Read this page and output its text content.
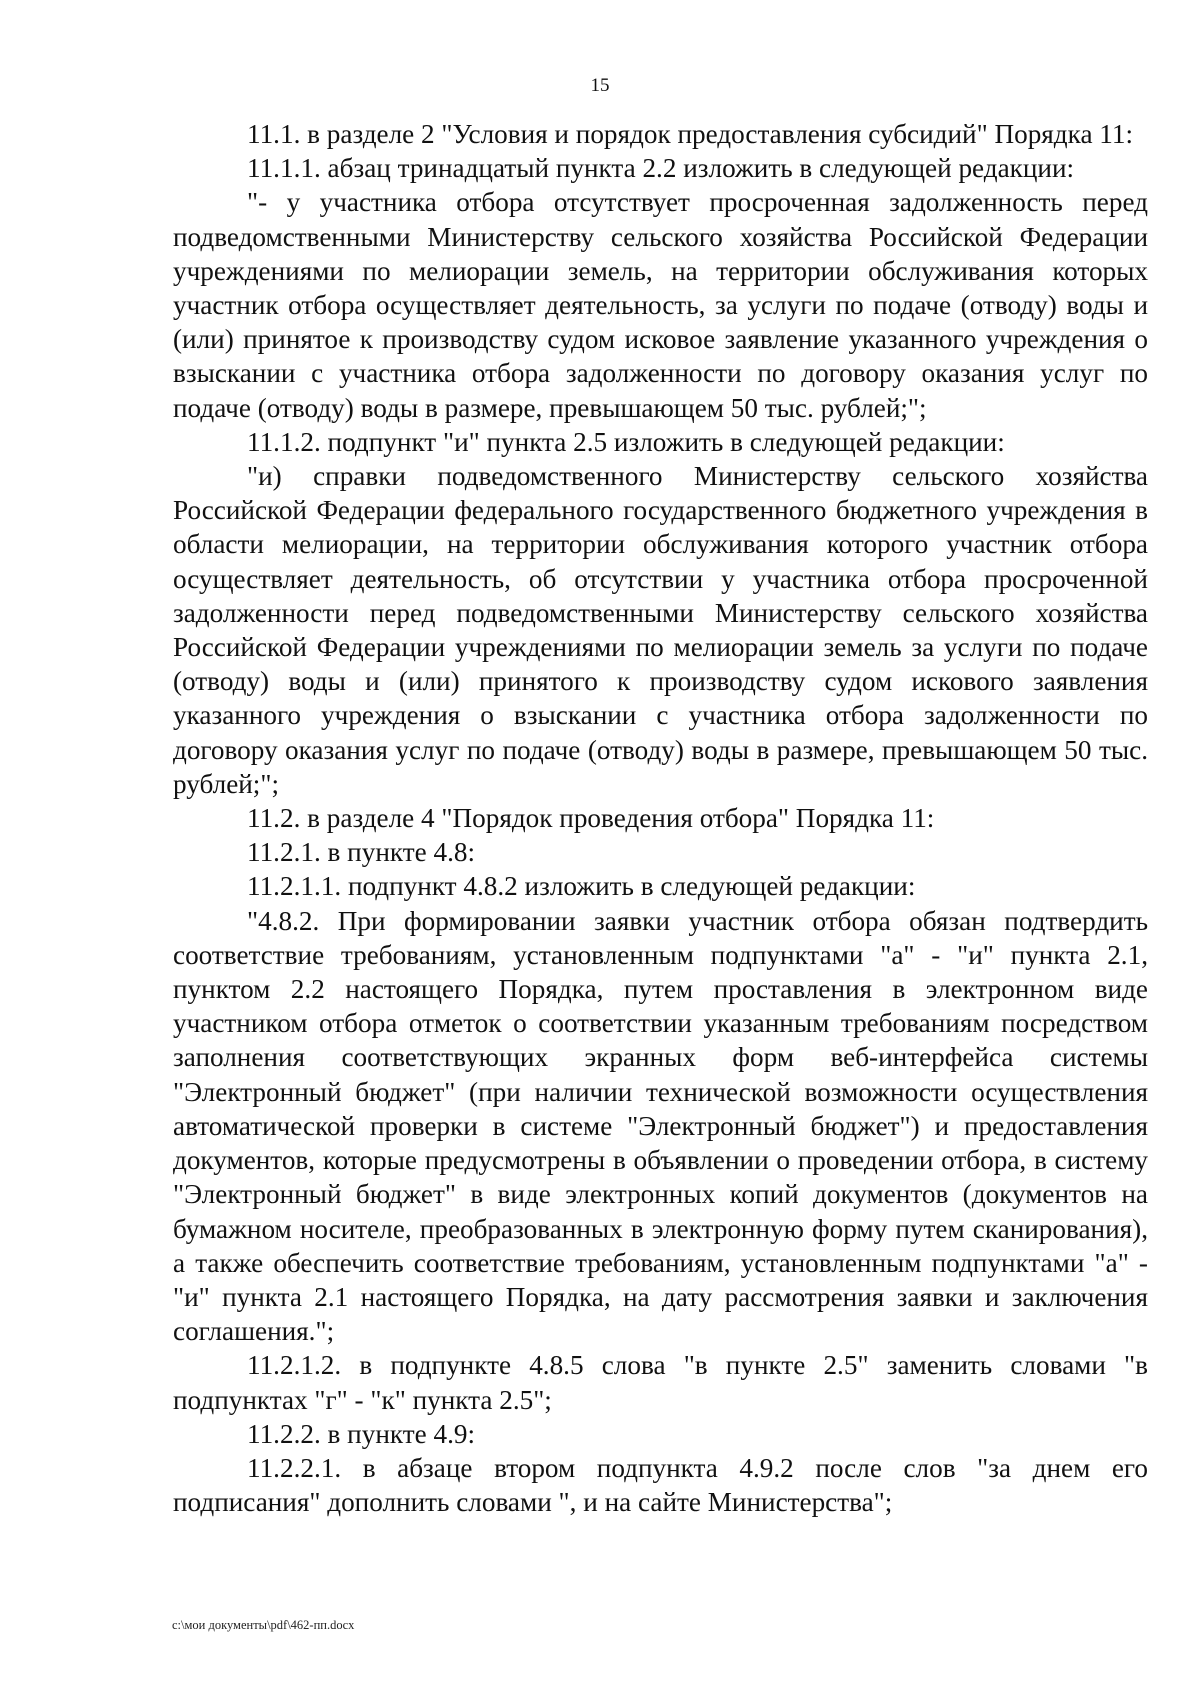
15

11.1. в разделе 2 "Условия и порядок предоставления субсидий" Порядка 11:

11.1.1. абзац тринадцатый пункта 2.2 изложить в следующей редакции:

"- у участника отбора отсутствует просроченная задолженность перед подведомственными Министерству сельского хозяйства Российской Федерации учреждениями по мелиорации земель, на территории обслуживания которых участник отбора осуществляет деятельность, за услуги по подаче (отводу) воды и (или) принятое к производству судом исковое заявление указанного учреждения о взыскании с участника отбора задолженности по договору оказания услуг по подаче (отводу) воды в размере, превышающем 50 тыс. рублей;";

11.1.2. подпункт "и" пункта 2.5 изложить в следующей редакции:

"и) справки подведомственного Министерству сельского хозяйства Российской Федерации федерального государственного бюджетного учреждения в области мелиорации, на территории обслуживания которого участник отбора осуществляет деятельность, об отсутствии у участника отбора просроченной задолженности перед подведомственными Министерству сельского хозяйства Российской Федерации учреждениями по мелиорации земель за услуги по подаче (отводу) воды и (или) принятого к производству судом искового заявления указанного учреждения о взыскании с участника отбора задолженности по договору оказания услуг по подаче (отводу) воды в размере, превышающем 50 тыс. рублей;";

11.2. в разделе 4 "Порядок проведения отбора" Порядка 11:

11.2.1. в пункте 4.8:

11.2.1.1. подпункт 4.8.2 изложить в следующей редакции:

"4.8.2. При формировании заявки участник отбора обязан подтвердить соответствие требованиям, установленным подпунктами "а" - "и" пункта 2.1, пунктом 2.2 настоящего Порядка, путем проставления в электронном виде участником отбора отметок о соответствии указанным требованиям посредством заполнения соответствующих экранных форм веб-интерфейса системы "Электронный бюджет" (при наличии технической возможности осуществления автоматической проверки в системе "Электронный бюджет") и предоставления документов, которые предусмотрены в объявлении о проведении отбора, в систему "Электронный бюджет" в виде электронных копий документов (документов на бумажном носителе, преобразованных в электронную форму путем сканирования), а также обеспечить соответствие требованиям, установленным подпунктами "а" - "и" пункта 2.1 настоящего Порядка, на дату рассмотрения заявки и заключения соглашения.";

11.2.1.2. в подпункте 4.8.5 слова "в пункте 2.5" заменить словами "в подпунктах "г" - "к" пункта 2.5";

11.2.2. в пункте 4.9:

11.2.2.1. в абзаце втором подпункта 4.9.2 после слов "за днем его подписания" дополнить словами ", и на сайте Министерства";

c:\мои документы\pdf\462-пп.docx
